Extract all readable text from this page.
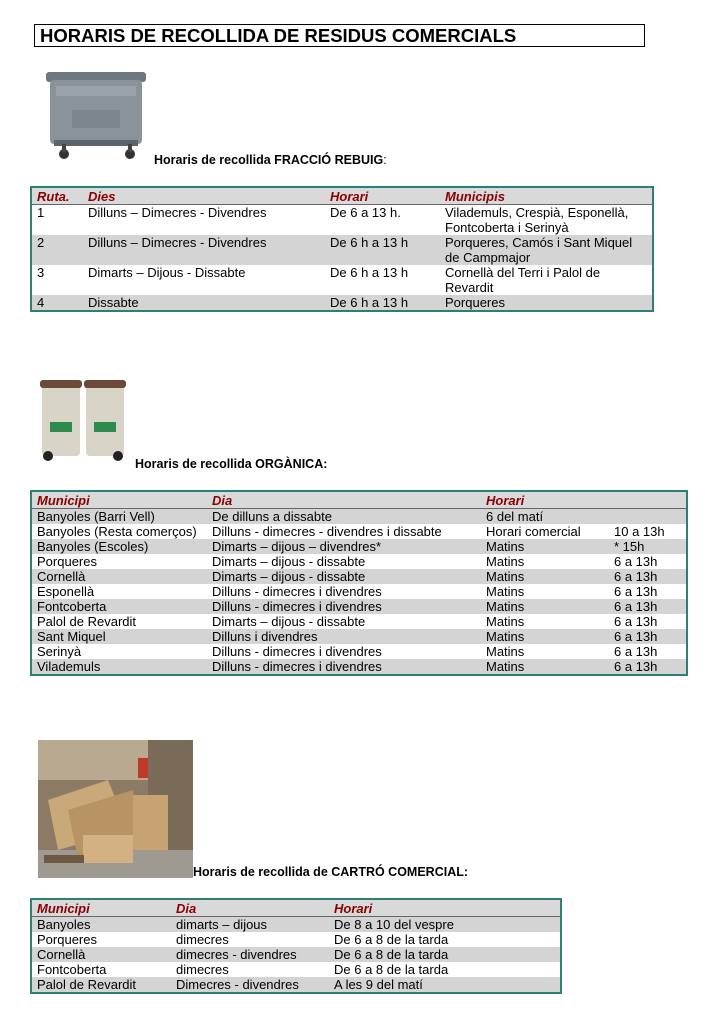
HORARIS DE RECOLLIDA DE RESIDUS COMERCIALS
Horaris de recollida FRACCIÓ REBUIG:
Ruta.	Dies	Horari	Municipis
1	Dilluns – Dimecres - Divendres	De 6 a 13 h.	Vilademuls, Crespià, Esponellà, Fontcoberta i Serinyà
2	Dilluns – Dimecres - Divendres	De 6 h a 13 h	Porqueres, Camós i Sant Miquel de Campmajor
3	Dimarts – Dijous - Dissabte	De 6 h a 13 h	Cornellà del Terri i Palol de Revardit
4	Dissabte	De 6 h a 13 h	Porqueres
Horaris de recollida ORGÀNICA:
Municipi	Dia	Horari	
Banyoles (Barri Vell)	De dilluns a dissabte	6 del matí	
Banyoles (Resta comerços)	Dilluns - dimecres - divendres i dissabte	Horari comercial	10 a 13h
Banyoles (Escoles)	Dimarts – dijous – divendres*	Matins	* 15h
Porqueres	Dimarts – dijous - dissabte	Matins	6 a 13h
Cornellà	Dimarts – dijous - dissabte	Matins	6 a 13h
Esponellà	Dilluns - dimecres i divendres	Matins	6 a 13h
Fontcoberta	Dilluns - dimecres i divendres	Matins	6 a 13h
Palol de Revardit	Dimarts – dijous - dissabte	Matins	6 a 13h
Sant Miquel	Dilluns i divendres	Matins	6 a 13h
Serinyà	Dilluns - dimecres i divendres	Matins	6 a 13h
Vilademuls	Dilluns - dimecres i divendres	Matins	6 a 13h
Horaris de recollida de CARTRÓ COMERCIAL:
Municipi	Dia	Horari
Banyoles	dimarts – dijous	De 8 a 10 del vespre
Porqueres	dimecres	De 6 a 8 de la tarda
Cornellà	dimecres - divendres	De 6 a 8 de la tarda
Fontcoberta	dimecres	De 6 a 8 de la tarda
Palol de Revardit	Dimecres - divendres	A les 9 del matí
